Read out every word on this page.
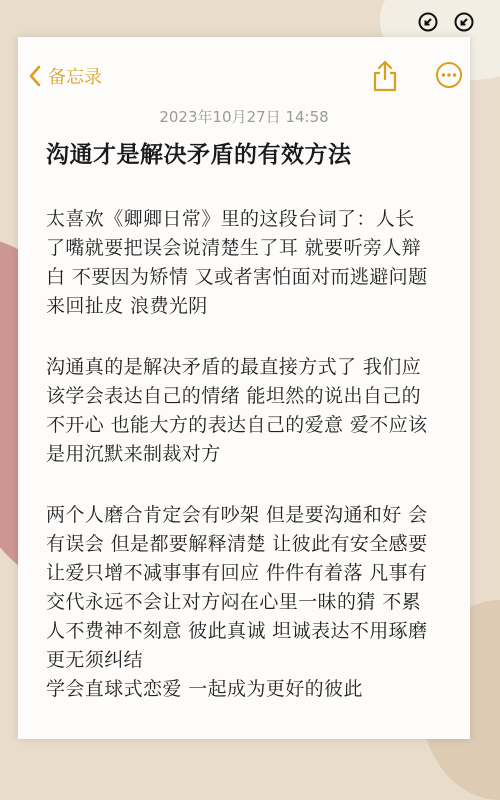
备忘录
2023年10月27日 14:58
沟通才是解决矛盾的有效方法
太喜欢《卿卿日常》里的这段台词了：人长
了嘴就要把误会说清楚生了耳 就要听旁人辩
白 不要因为矫情 又或者害怕面对而逃避问题
来回扯皮 浪费光阴
沟通真的是解决矛盾的最直接方式了 我们应
该学会表达自己的情绪 能坦然的说出自己的
不开心 也能大方的表达自己的爱意 爱不应该
是用沉默来制裁对方
两个人磨合肯定会有吵架 但是要沟通和好 会
有误会 但是都要解释清楚 让彼此有安全感要
让爱只增不减事事有回应 件件有着落 凡事有
交代永远不会让对方闷在心里一昧的猜 不累
人不费神不刻意 彼此真诚 坦诚表达不用琢磨
更无须纠结
学会直球式恋爱 一起成为更好的彼此
